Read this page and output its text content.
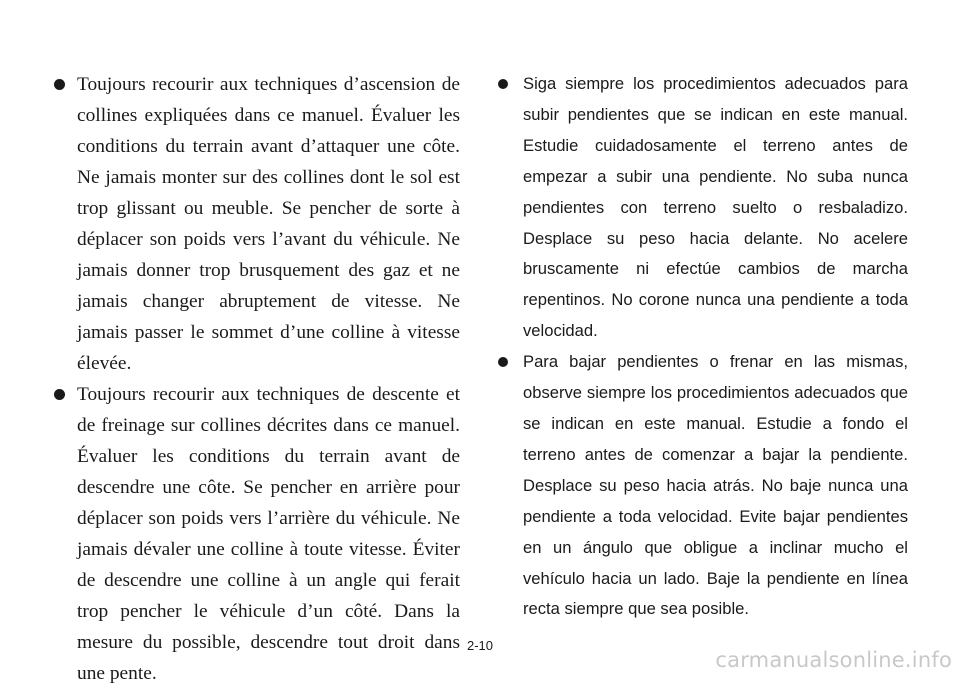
Toujours recourir aux techniques d’ascension de collines expliquées dans ce manuel. Évaluer les conditions du terrain avant d’attaquer une côte. Ne jamais monter sur des collines dont le sol est trop glissant ou meuble. Se pencher de sorte à déplacer son poids vers l’avant du véhicule. Ne jamais donner trop brusquement des gaz et ne jamais changer abruptement de vitesse. Ne jamais passer le sommet d’une colline à vitesse élevée.

Toujours recourir aux techniques de descente et de freinage sur collines décrites dans ce manuel. Évaluer les conditions du terrain avant de descendre une côte. Se pencher en arrière pour déplacer son poids vers l’arrière du véhicule. Ne jamais dévaler une colline à toute vitesse. Éviter de descendre une colline à un angle qui ferait trop pencher le véhicule d’un côté. Dans la mesure du possible, descendre tout droit dans une pente.

Siga siempre los procedimientos adecuados para subir pendientes que se indican en este manual. Estudie cuidadosamente el terreno antes de empezar a subir una pendiente. No suba nunca pendientes con terreno suelto o resbaladizo. Desplace su peso hacia delante. No acelere bruscamente ni efectúe cambios de marcha repentinos. No corone nunca una pendiente a toda velocidad.

Para bajar pendientes o frenar en las mismas, observe siempre los procedimientos adecuados que se indican en este manual. Estudie a fondo el terreno antes de comenzar a bajar la pendiente. Desplace su peso hacia atrás. No baje nunca una pendiente a toda velocidad. Evite bajar pendientes en un ángulo que obligue a inclinar mucho el vehículo hacia un lado. Baje la pendiente en línea recta siempre que sea posible.

2-10
carmanualsonline.info
